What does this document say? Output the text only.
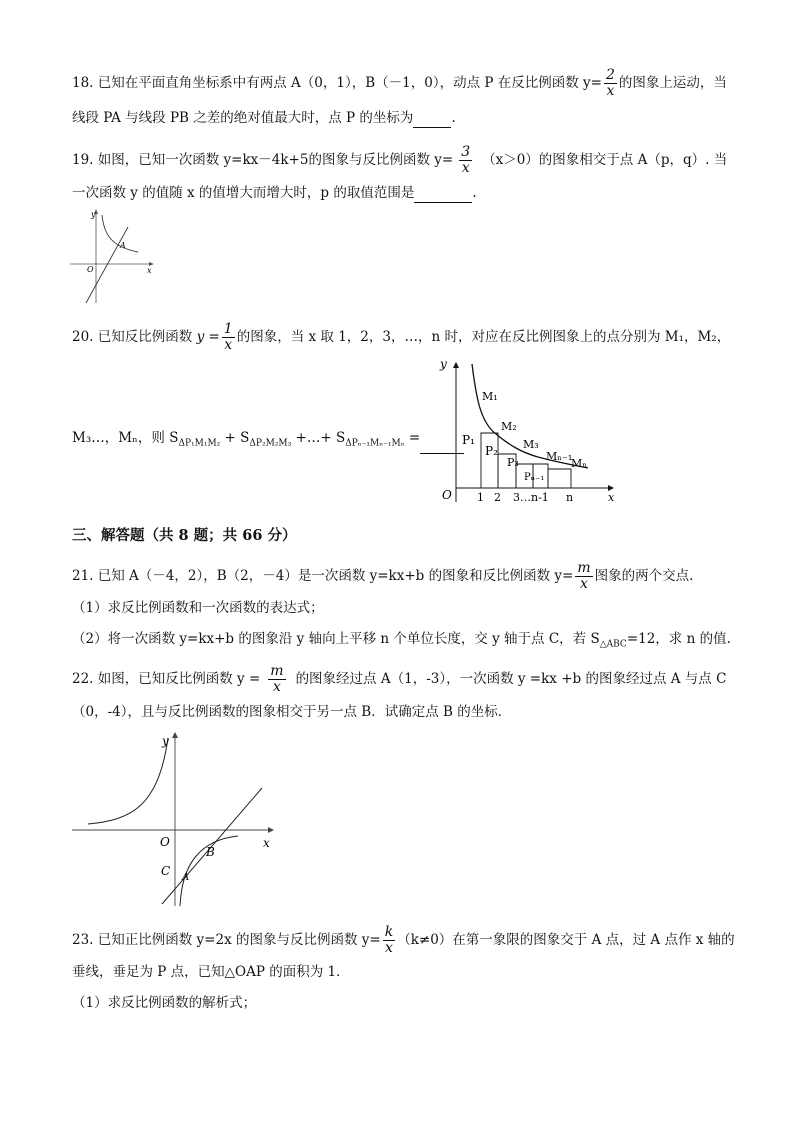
18. 已知在平面直角坐标系中有两点 A（0，1），B（－1，0），动点 P 在反比例函数 $y= \frac{2}{x}$ 的图象上运动，当
线段 PA 与线段 PB 之差的绝对值最大时，点 P 的坐标为	.
19. 如图，已知一次函数 y=kx－4k+5的图象与反比例函数 $y= \frac{3}{x} (x>0)$的图象相交于点 A（p，q）. 当
一次函数 y 的值随 x 的值增大而增大时，p 的取值范围是	.
y
A
O	x
20. 已知反比例函数 $y = \frac{1}{x}$ 的图象，当 x 取 1，2，3，…，n 时，对应在反比例图象上的点分别为 M₁，M₂，
M₃…，Mₙ，则 $S_{\Delta P_1M_1M_2} + S_{\Delta P_2M_2M_3}$ +…+ $S_{\Delta P_{n-1}M_{n-1}M_n}$ =
y
O	x
M₁
M₂
M₃
Mₙ₋₁
Mₙ
P₁
P₂
P₃
Pₙ₋₁
1 2 3…n-1 n
三、解答题（共 8 题；共 66 分）
21. 已知 A（－4，2），B（2，－4）是一次函数 y=kx+b 的图象和反比例函数 $y= \frac{m}{x}$ 图象的两个交点.
（1）求反比例函数和一次函数的表达式；
（2）将一次函数 y=kx+b 的图象沿 y 轴向上平移 n 个单位长度，交 y 轴于点 C，若 $S_{\triangle ABC}=12$，求 n 的值.
22. 如图，已知反比例函数 $y = \frac{m}{x}$ 的图象经过点 A（1，-3），一次函数 y =kx +b 的图象经过点 A 与点 C
（0，-4），且与反比例函数的图象相交于另一点 B．试确定点 B 的坐标．
y
O	x
B
C A
23. 已知正比例函数 y=2x 的图象与反比例函数 $y= \frac{k}{x} (k\ne 0)$在第一象限的图象交于 A 点，过 A 点作 x 轴的
垂线，垂足为 P 点，已知△OAP 的面积为 1．
（1）求反比例函数的解析式；
